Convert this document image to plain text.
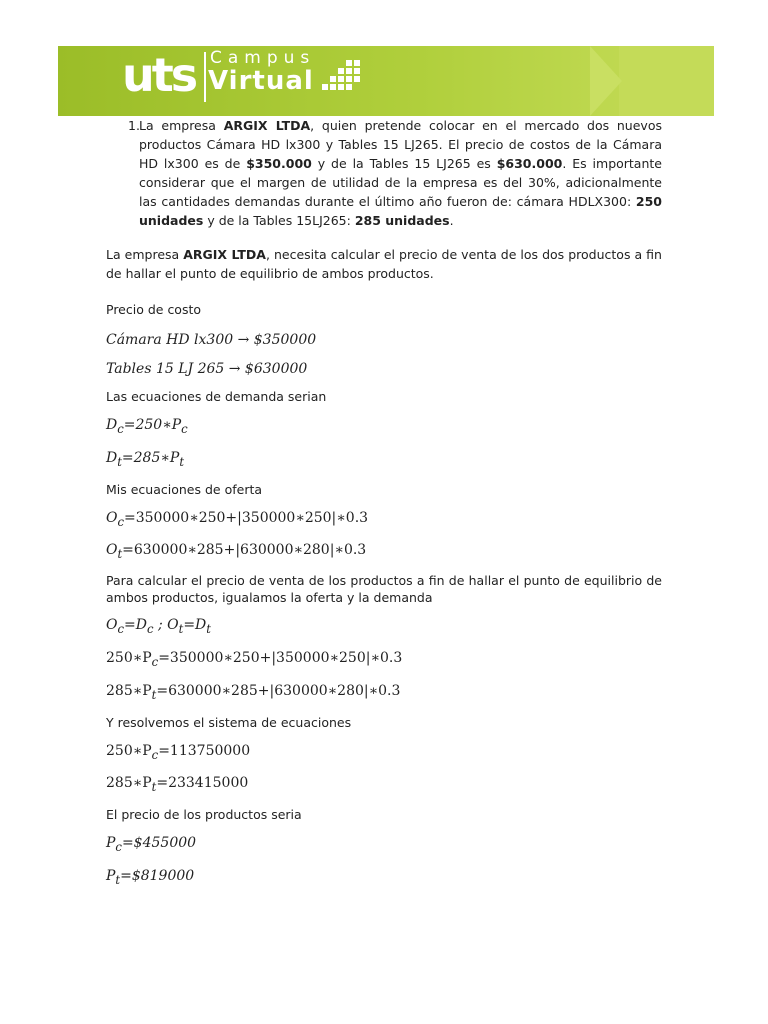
uts Campus
Virtual
1. La empresa ARGIX LTDA, quien pretende colocar en el mercado dos nuevos productos Cámara HD lx300 y Tables 15 LJ265. El precio de costos de la Cámara HD lx300 es de $350.000 y de la Tables 15 LJ265 es $630.000. Es importante considerar que el margen de utilidad de la empresa es del 30%, adicionalmente las cantidades demandas durante el último año fueron de: cámara HDLX300: 250 unidades y de la Tables 15LJ265: 285 unidades.

La empresa ARGIX LTDA, necesita calcular el precio de venta de los dos productos a fin de hallar el punto de equilibrio de ambos productos.

Precio de costo

Cámara HD lx300 → $350000

Tables 15 LJ 265 → $630000

Las ecuaciones de demanda serian

$D_c=250∗P_c$

$D_t=285∗P_t$

Mis ecuaciones de oferta

$O_c=350000∗250+|350000∗250|∗0.3$

$O_t=630000∗285+|630000∗280|∗0.3$

Para calcular el precio de venta de los productos a fin de hallar el punto de equilibrio de ambos productos, igualamos la oferta y la demanda

$O_c=D_c$ ; $O_t=D_t$

$250∗P_c=350000∗250+|350000∗250|∗0.3$

$285∗P_t=630000∗285+|630000∗280|∗0.3$

Y resolvemos el sistema de ecuaciones

$250∗P_c=113750000$

$285∗P_t=233415000$

El precio de los productos seria

$P_c=\$455000$

$P_t=\$819000$
